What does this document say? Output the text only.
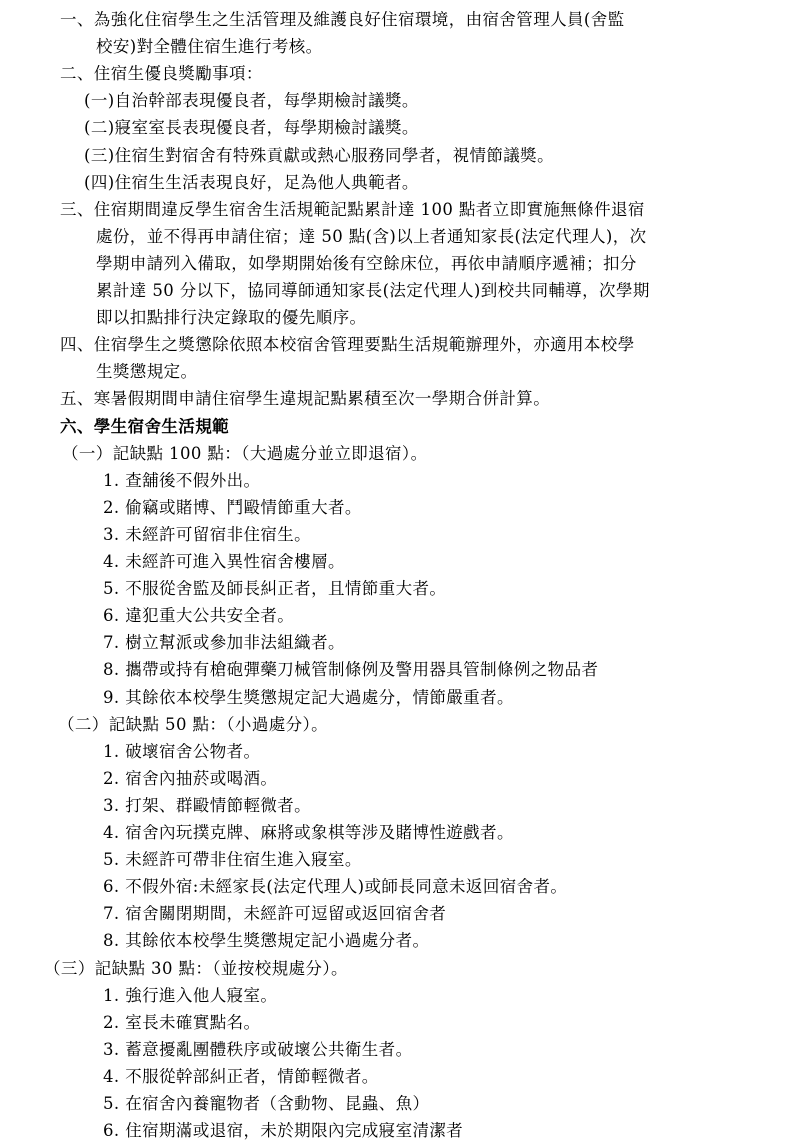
一、為強化住宿學生之生活管理及維護良好住宿環境，由宿舍管理人員(舍監
校安)對全體住宿生進行考核。
二、住宿生優良獎勵事項：
(一)自治幹部表現優良者，每學期檢討議獎。
(二)寢室室長表現優良者，每學期檢討議獎。
(三)住宿生對宿舍有特殊貢獻或熱心服務同學者，視情節議獎。
(四)住宿生生活表現良好，足為他人典範者。
三、住宿期間違反學生宿舍生活規範記點累計達 100 點者立即實施無條件退宿
處份，並不得再申請住宿；達 50 點(含)以上者通知家長(法定代理人)，次
學期申請列入備取，如學期開始後有空餘床位，再依申請順序遞補；扣分
累計達 50 分以下，協同導師通知家長(法定代理人)到校共同輔導，次學期
即以扣點排行決定錄取的優先順序。
四、住宿學生之獎懲除依照本校宿舍管理要點生活規範辦理外，亦適用本校學
生獎懲規定。
五、寒暑假期間申請住宿學生違規記點累積至次一學期合併計算。
六、學生宿舍生活規範
（一）記缺點 100 點：（大過處分並立即退宿）。
1. 查舖後不假外出。
2. 偷竊或賭博、鬥毆情節重大者。
3. 未經許可留宿非住宿生。
4. 未經許可進入異性宿舍樓層。
5. 不服從舍監及師長糾正者，且情節重大者。
6. 違犯重大公共安全者。
7. 樹立幫派或參加非法組織者。
8. 攜帶或持有槍砲彈藥刀械管制條例及警用器具管制條例之物品者
9. 其餘依本校學生獎懲規定記大過處分，情節嚴重者。
（二）記缺點 50 點：（小過處分）。
1. 破壞宿舍公物者。
2. 宿舍內抽菸或喝酒。
3. 打架、群毆情節輕微者。
4. 宿舍內玩撲克牌、麻將或象棋等涉及賭博性遊戲者。
5. 未經許可帶非住宿生進入寢室。
6. 不假外宿:未經家長(法定代理人)或師長同意未返回宿舍者。
7. 宿舍關閉期間，未經許可逗留或返回宿舍者
8. 其餘依本校學生獎懲規定記小過處分者。
（三）記缺點 30 點：（並按校規處分）。
1. 強行進入他人寢室。
2. 室長未確實點名。
3. 蓄意擾亂團體秩序或破壞公共衛生者。
4. 不服從幹部糾正者，情節輕微者。
5. 在宿舍內養寵物者（含動物、昆蟲、魚）
6. 住宿期滿或退宿，未於期限內完成寢室清潔者
